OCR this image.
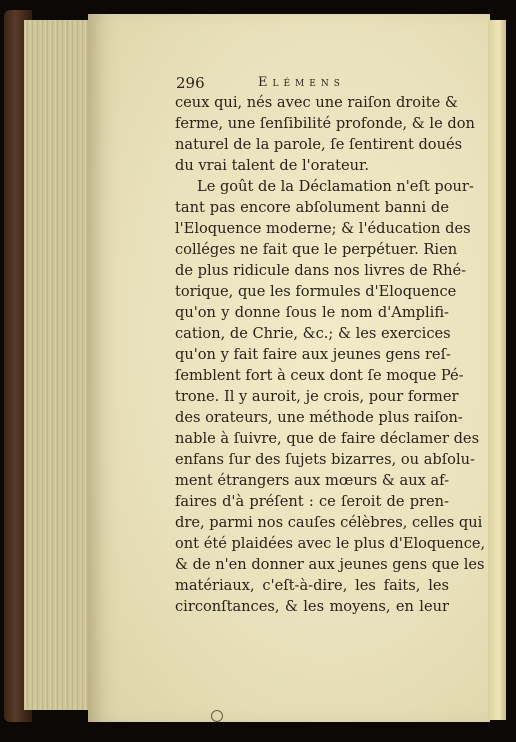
296	Elémens
ceux qui, nés avec une raiſon droite &
ferme, une ſenſibilité profonde, & le don
naturel de la parole, ſe ſentirent doués
du vrai talent de l'orateur.
Le goût de la Déclamation n'eſt pour-
tant pas encore abſolument banni de
l'Eloquence moderne; & l'éducation des
colléges ne fait que le perpétuer. Rien
de plus ridicule dans nos livres de Rhé-
torique, que les formules d'Eloquence
qu'on y donne ſous le nom d'Amplifi-
cation, de Chrie, &c.; & les exercices
qu'on y fait faire aux jeunes gens reſ-
ſemblent fort à ceux dont ſe moque Pé-
trone. Il y auroit, je crois, pour former
des orateurs, une méthode plus raiſon-
nable à ſuivre, que de faire déclamer des
enfans ſur des ſujets bizarres, ou abſolu-
ment étrangers aux mœurs & aux af-
faires d'à préſent : ce ſeroit de pren-
dre, parmi nos cauſes célèbres, celles qui
ont été plaidées avec le plus d'Eloquence,
& de n'en donner aux jeunes gens que les
matériaux, c'eſt-à-dire, les faits, les
circonſtances, & les moyens, en leur
